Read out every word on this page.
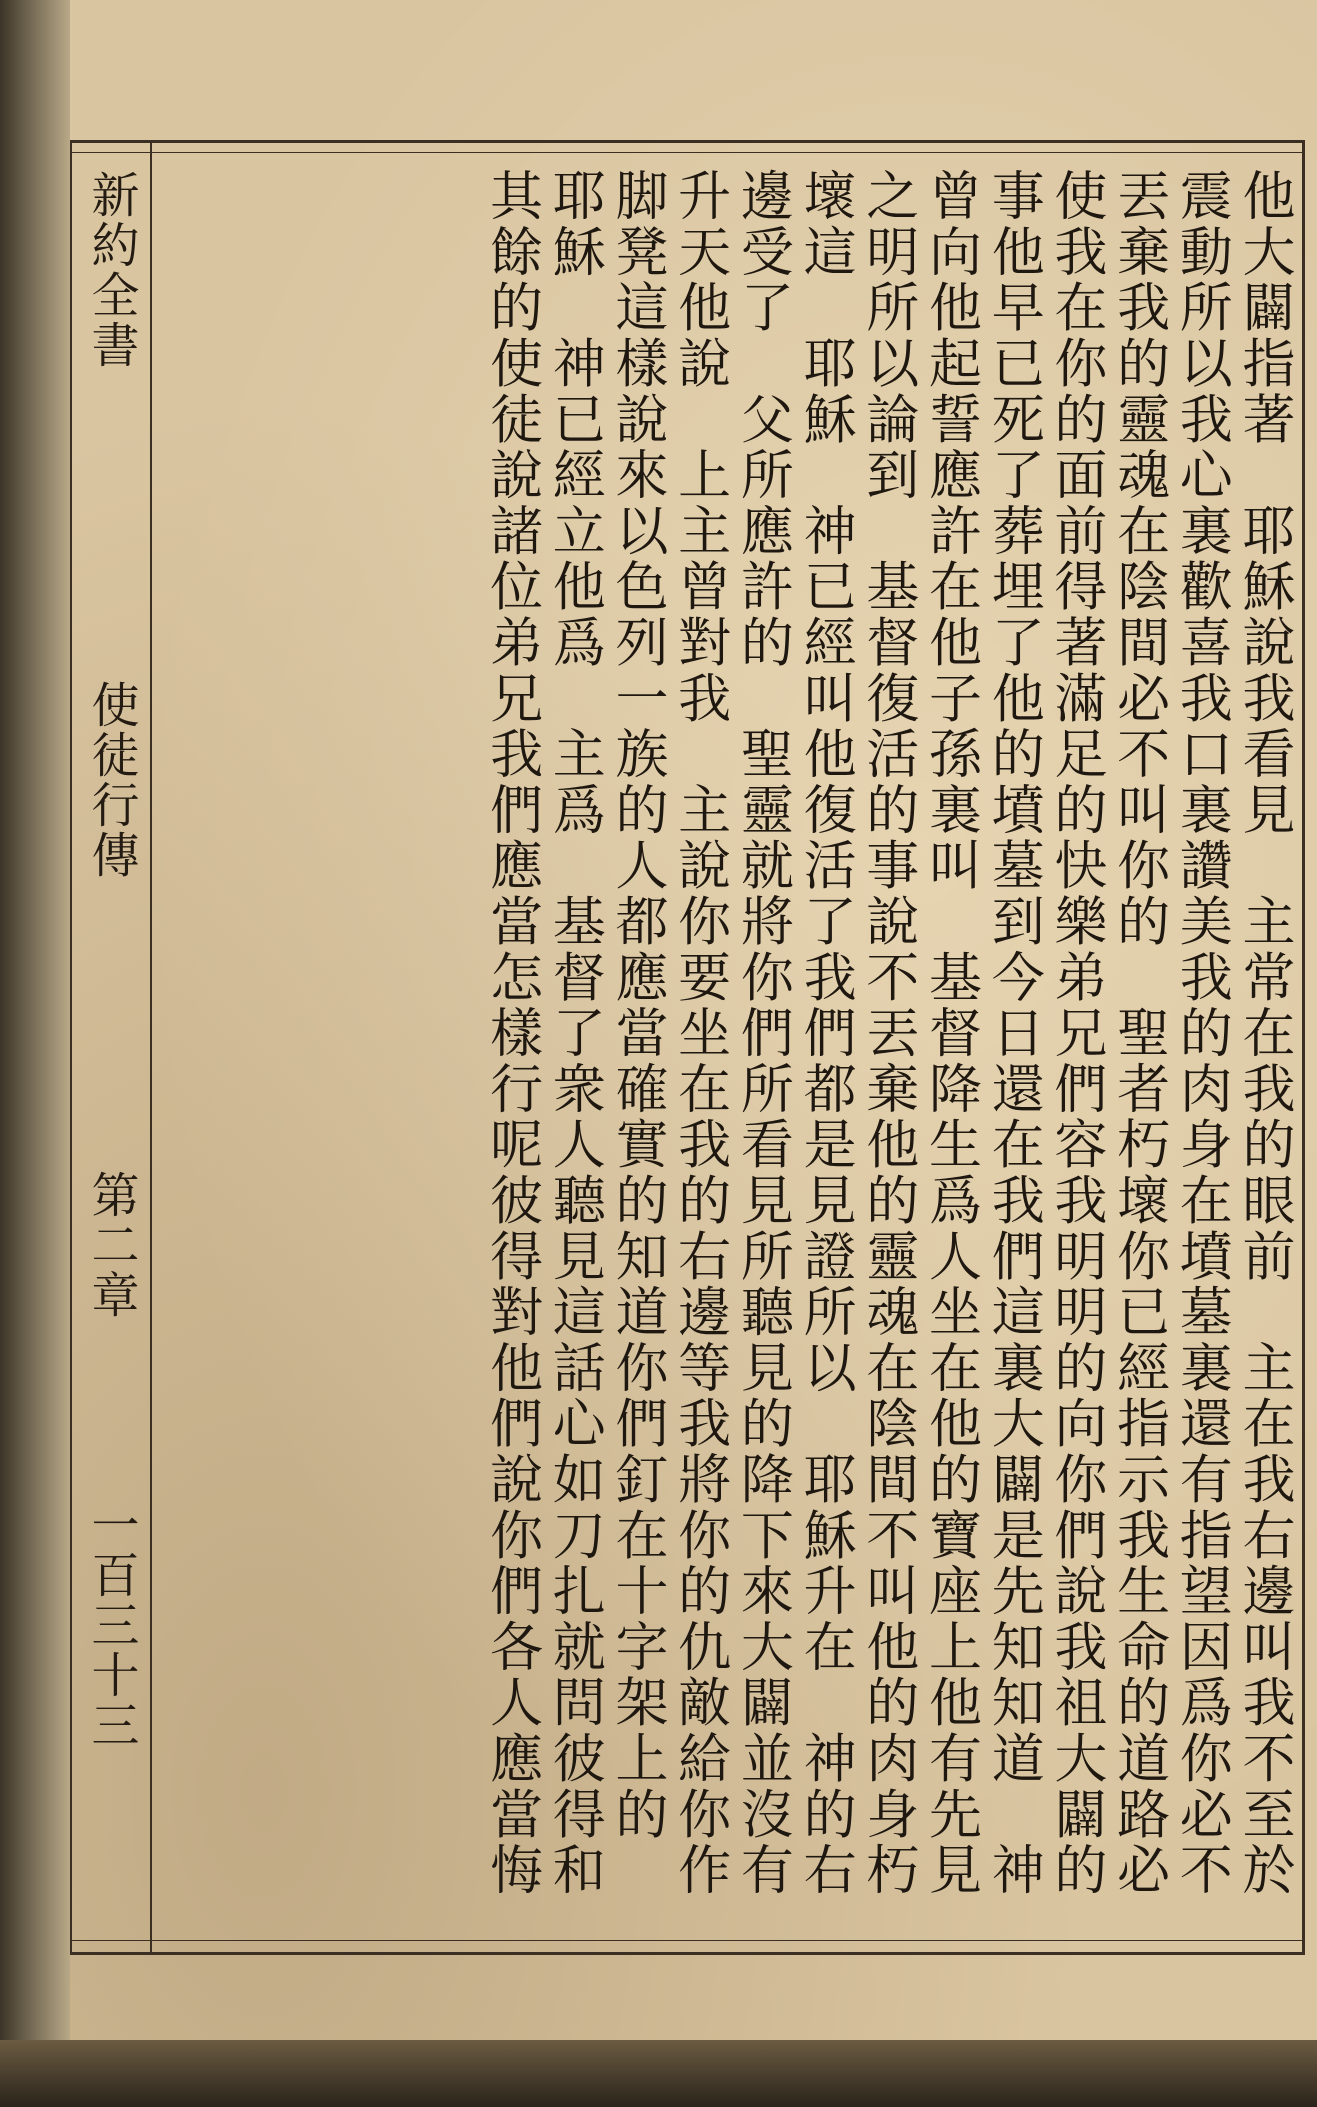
新約全書
使徒行傳
第二章
一百三十三	他大闢指著　耶穌說我看見　主常在我的眼前　主在我右邊叫我不至於
震動所以我心裏歡喜我口裏讚美我的肉身在墳墓裏還有指望因爲你必不
丟棄我的靈魂在陰間必不叫你的　聖者朽壞你已經指示我生命的道路必
使我在你的面前得著滿足的快樂弟兄們容我明明的向你們說我祖大闢的
事他早已死了葬埋了他的墳墓到今日還在我們這裏大闢是先知知道　神
曾向他起誓應許在他子孫裏叫　基督降生爲人坐在他的寶座上他有先見
之明所以論到　基督復活的事說不丟棄他的靈魂在陰間不叫他的肉身朽
壞這　耶穌　神已經叫他復活了我們都是見證所以　耶穌升在　神的右
邊受了　父所應許的　聖靈就將你們所看見所聽見的降下來大闢並沒有
升天他說　上主曾對我　主說你要坐在我的右邊等我將你的仇敵給你作
脚凳這樣說來以色列一族的人都應當確實的知道你們釘在十字架上的
耶穌　神已經立他爲　主爲　基督了衆人聽見這話心如刀扎就問彼得和
其餘的使徒說諸位弟兄我們應當怎樣行呢彼得對他們說你們各人應當悔
